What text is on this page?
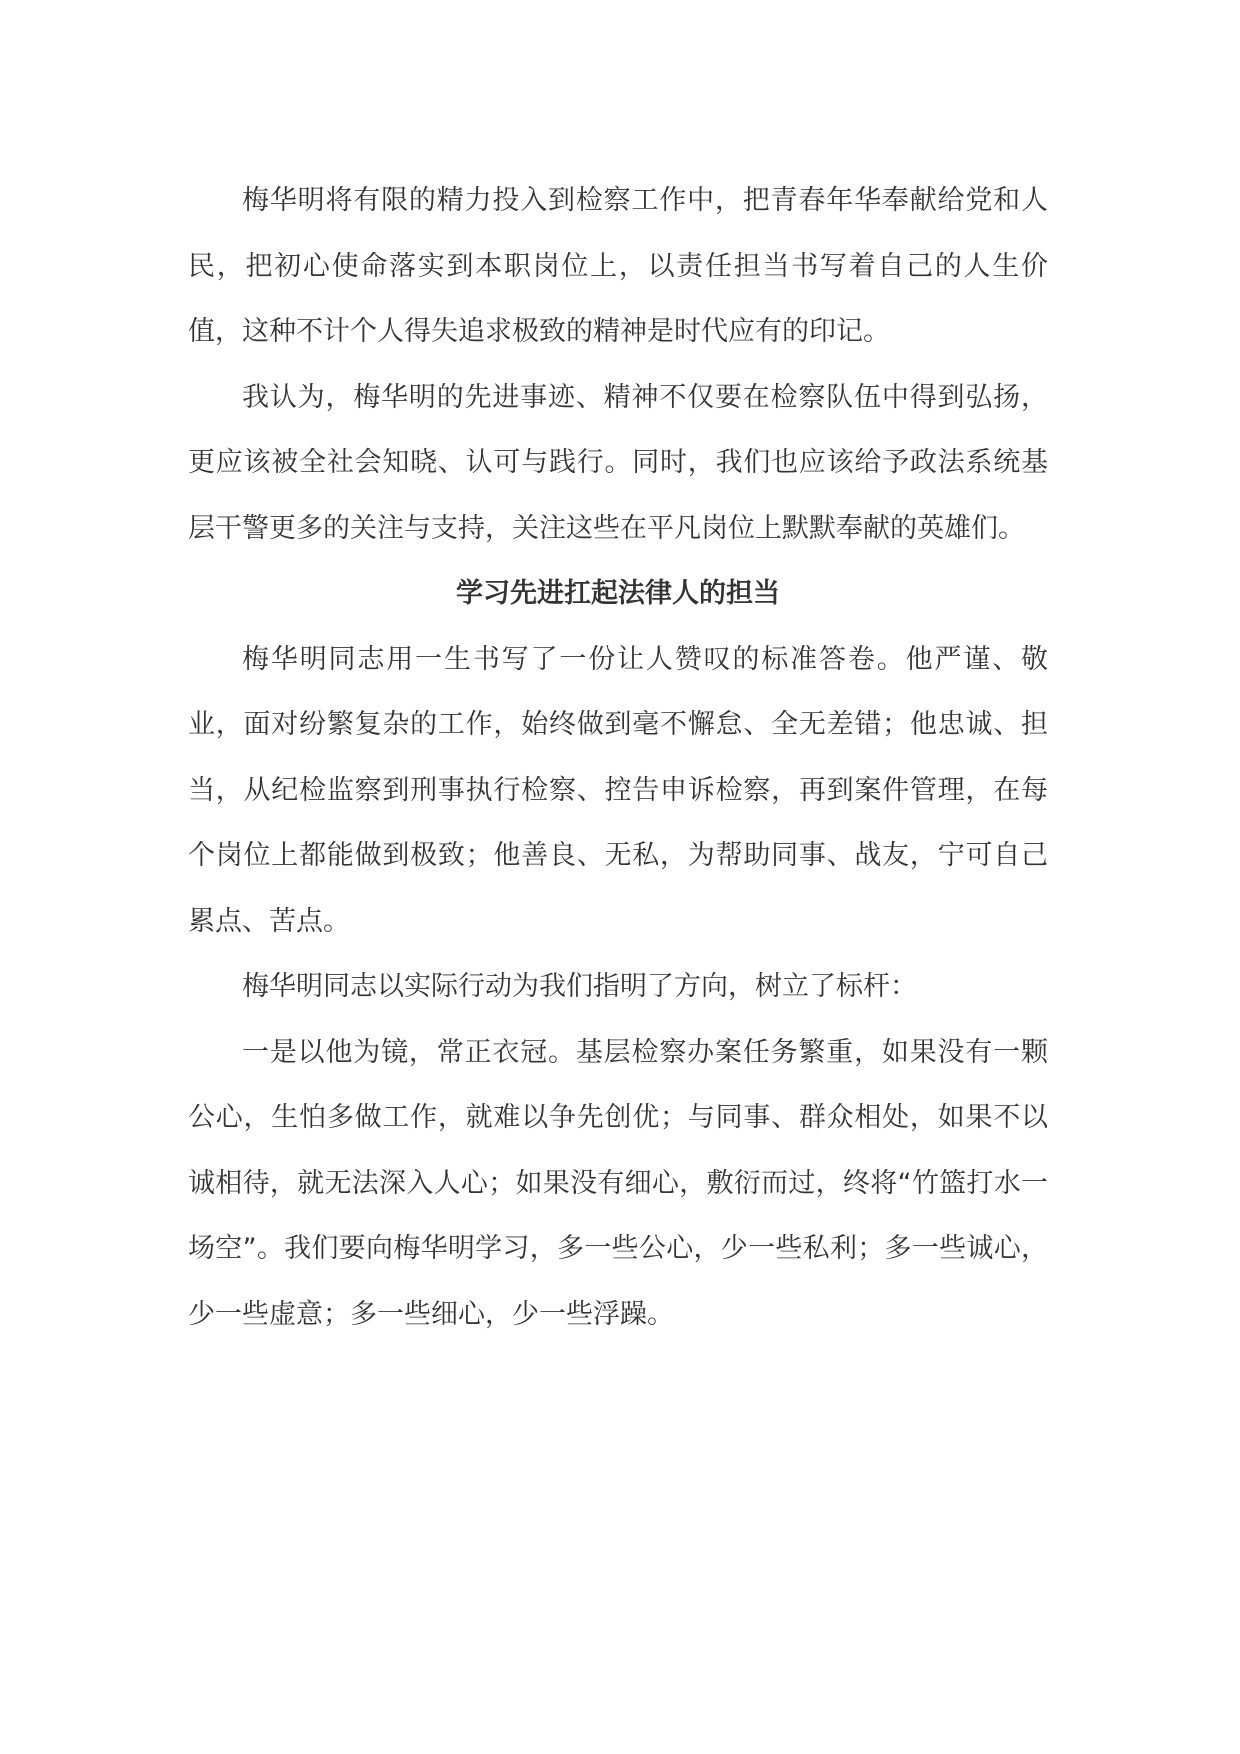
梅华明将有限的精力投入到检察工作中，把青春年华奉献给党和人民，把初心使命落实到本职岗位上，以责任担当书写着自己的人生价值，这种不计个人得失追求极致的精神是时代应有的印记。

我认为，梅华明的先进事迹、精神不仅要在检察队伍中得到弘扬，更应该被全社会知晓、认可与践行。同时，我们也应该给予政法系统基层干警更多的关注与支持，关注这些在平凡岗位上默默奉献的英雄们。

学习先进扛起法律人的担当

梅华明同志用一生书写了一份让人赞叹的标准答卷。他严谨、敬业，面对纷繁复杂的工作，始终做到毫不懈怠、全无差错；他忠诚、担当，从纪检监察到刑事执行检察、控告申诉检察，再到案件管理，在每个岗位上都能做到极致；他善良、无私，为帮助同事、战友，宁可自己累点、苦点。

梅华明同志以实际行动为我们指明了方向，树立了标杆：

一是以他为镜，常正衣冠。基层检察办案任务繁重，如果没有一颗公心，生怕多做工作，就难以争先创优；与同事、群众相处，如果不以诚相待，就无法深入人心；如果没有细心，敷衍而过，终将“竹篮打水一场空”。我们要向梅华明学习，多一些公心，少一些私利；多一些诚心，少一些虚意；多一些细心，少一些浮躁。
